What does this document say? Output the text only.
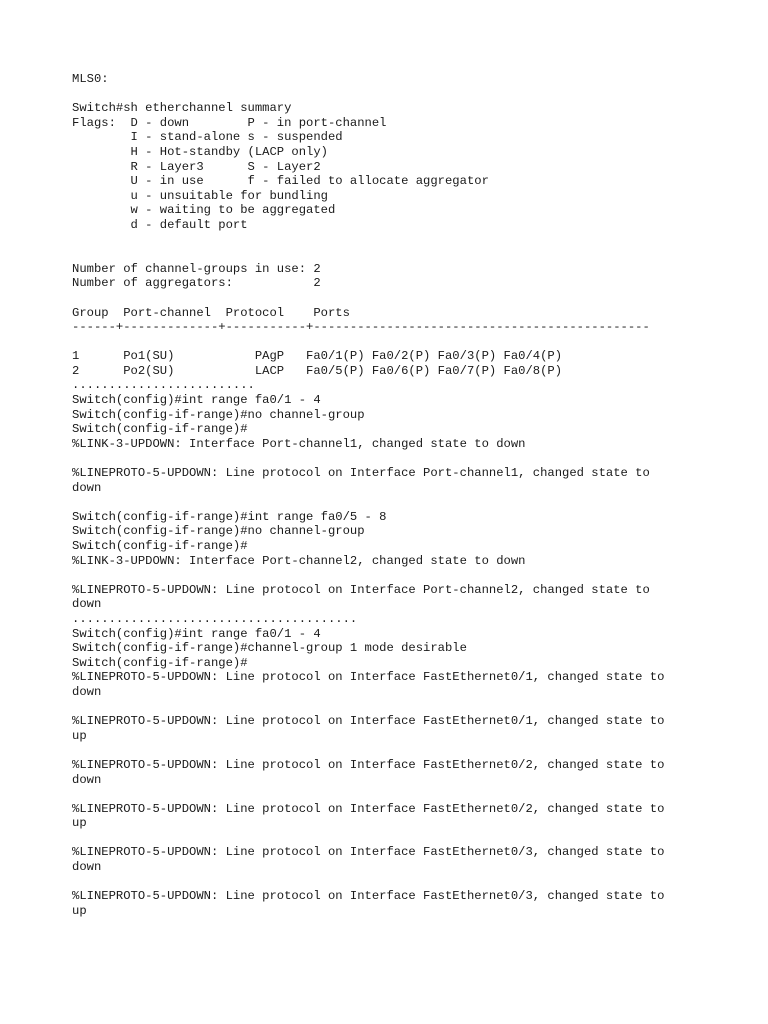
MLS0:
Switch#sh etherchannel summary
Flags:  D - down        P - in port-channel
I - stand-alone s - suspended
H - Hot-standby (LACP only)
R - Layer3      S - Layer2
U - in use      f - failed to allocate aggregator
u - unsuitable for bundling
w - waiting to be aggregated
d - default port
Number of channel-groups in use: 2
Number of aggregators:           2
Group  Port-channel  Protocol    Ports
------+-------------+-----------+----------------------------------------------
1      Po1(SU)           PAgP   Fa0/1(P) Fa0/2(P) Fa0/3(P) Fa0/4(P)
2      Po2(SU)           LACP   Fa0/5(P) Fa0/6(P) Fa0/7(P) Fa0/8(P)
.........................
Switch(config)#int range fa0/1 - 4
Switch(config-if-range)#no channel-group
Switch(config-if-range)#
%LINK-3-UPDOWN: Interface Port-channel1, changed state to down
%LINEPROTO-5-UPDOWN: Line protocol on Interface Port-channel1, changed state to
down
Switch(config-if-range)#int range fa0/5 - 8
Switch(config-if-range)#no channel-group
Switch(config-if-range)#
%LINK-3-UPDOWN: Interface Port-channel2, changed state to down
%LINEPROTO-5-UPDOWN: Line protocol on Interface Port-channel2, changed state to
down
.......................................
Switch(config)#int range fa0/1 - 4
Switch(config-if-range)#channel-group 1 mode desirable
Switch(config-if-range)#
%LINEPROTO-5-UPDOWN: Line protocol on Interface FastEthernet0/1, changed state to
down
%LINEPROTO-5-UPDOWN: Line protocol on Interface FastEthernet0/1, changed state to
up
%LINEPROTO-5-UPDOWN: Line protocol on Interface FastEthernet0/2, changed state to
down
%LINEPROTO-5-UPDOWN: Line protocol on Interface FastEthernet0/2, changed state to
up
%LINEPROTO-5-UPDOWN: Line protocol on Interface FastEthernet0/3, changed state to
down
%LINEPROTO-5-UPDOWN: Line protocol on Interface FastEthernet0/3, changed state to
up
